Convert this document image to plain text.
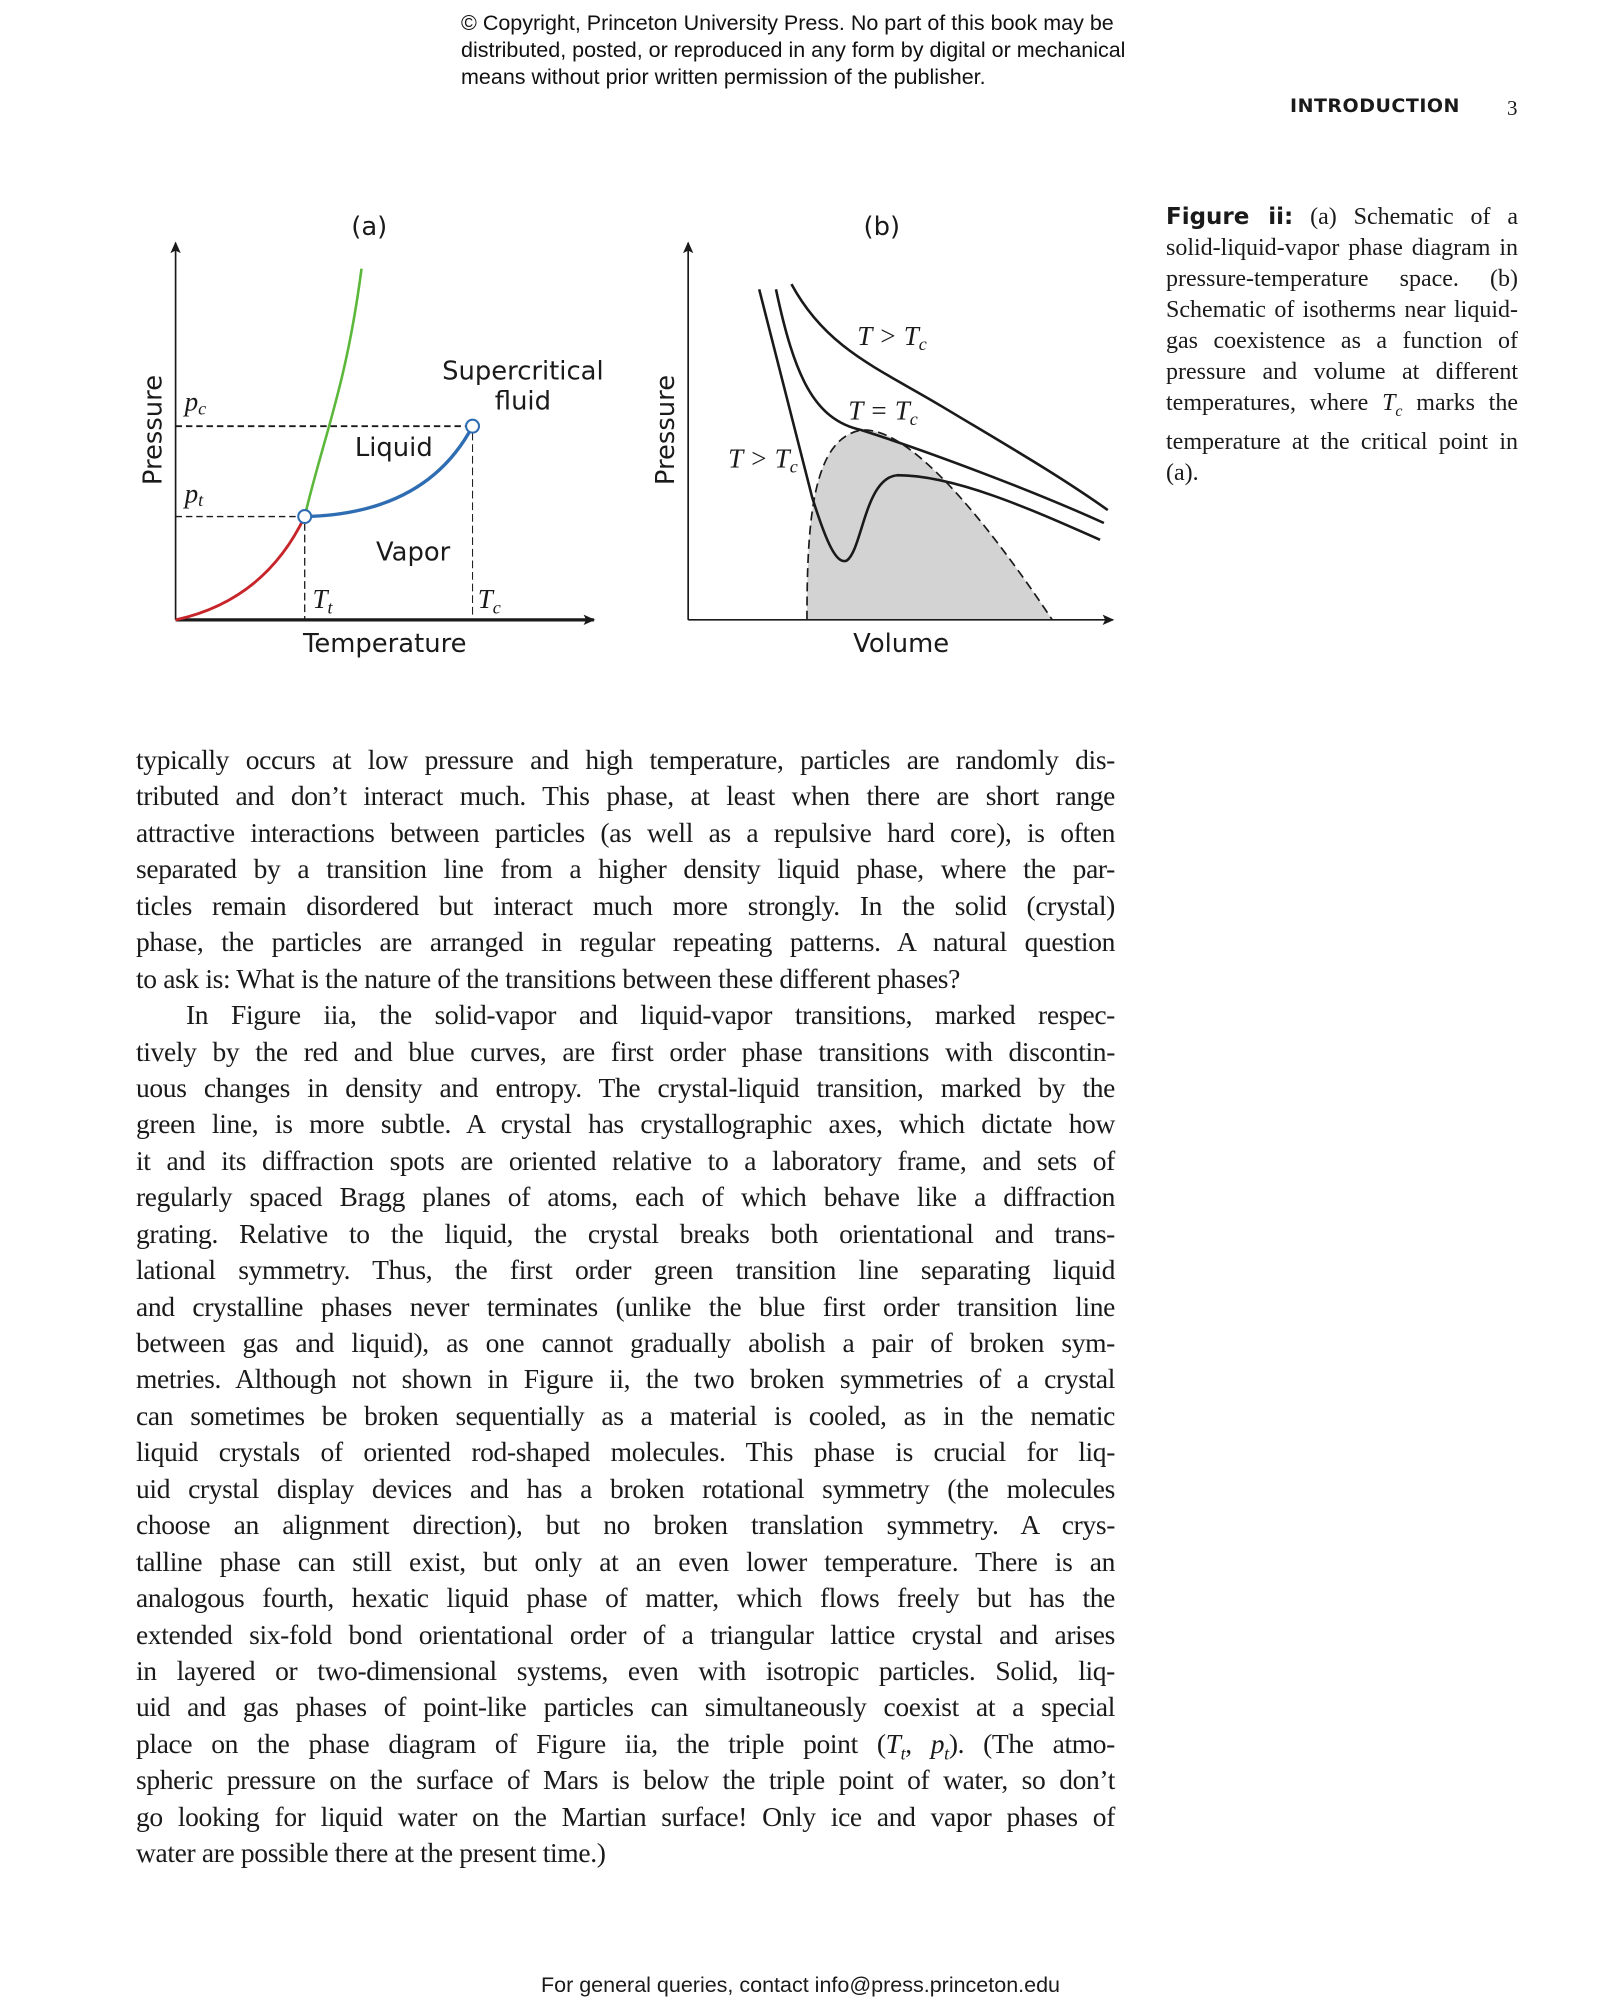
© Copyright, Princeton University Press. No part of this book may be
distributed, posted, or reproduced in any form by digital or mechanical
means without prior written permission of the publisher.
INTRODUCTION 3
(a)
Pressure
Temperature
pc
pt
Liquid
Vapor
Supercritical
fluid
Tt	Tc
(b)
Pressure
Volume
T > Tc
T = Tc
T > Tc
Figure ii: (a) Schematic of a solid-liquid-vapor phase diagram in pressure-temperature space. (b) Schematic of isotherms near liquid-gas coexistence as a function of pressure and volume at different temperatures, where $T_c$ marks the temperature at the critical point in (a).
typically occurs at low pressure and high temperature, particles are randomly dis-
tributed and don’t interact much. This phase, at least when there are short range
attractive interactions between particles (as well as a repulsive hard core), is often
separated by a transition line from a higher density liquid phase, where the par-
ticles remain disordered but interact much more strongly. In the solid (crystal)
phase, the particles are arranged in regular repeating patterns. A natural question
to ask is: What is the nature of the transitions between these different phases?
In Figure iia, the solid-vapor and liquid-vapor transitions, marked respec-
tively by the red and blue curves, are first order phase transitions with discontin-
uous changes in density and entropy. The crystal-liquid transition, marked by the
green line, is more subtle. A crystal has crystallographic axes, which dictate how
it and its diffraction spots are oriented relative to a laboratory frame, and sets of
regularly spaced Bragg planes of atoms, each of which behave like a diffraction
grating. Relative to the liquid, the crystal breaks both orientational and trans-
lational symmetry. Thus, the first order green transition line separating liquid
and crystalline phases never terminates (unlike the blue first order transition line
between gas and liquid), as one cannot gradually abolish a pair of broken sym-
metries. Although not shown in Figure ii, the two broken symmetries of a crystal
can sometimes be broken sequentially as a material is cooled, as in the nematic
liquid crystals of oriented rod-shaped molecules. This phase is crucial for liq-
uid crystal display devices and has a broken rotational symmetry (the molecules
choose an alignment direction), but no broken translation symmetry. A crys-
talline phase can still exist, but only at an even lower temperature. There is an
analogous fourth, hexatic liquid phase of matter, which flows freely but has the
extended six-fold bond orientational order of a triangular lattice crystal and arises
in layered or two-dimensional systems, even with isotropic particles. Solid, liq-
uid and gas phases of point-like particles can simultaneously coexist at a special
place on the phase diagram of Figure iia, the triple point ($T_t$, $p_t$). (The atmo-
spheric pressure on the surface of Mars is below the triple point of water, so don’t
go looking for liquid water on the Martian surface! Only ice and vapor phases of
water are possible there at the present time.)
For general queries, contact info@press.princeton.edu
